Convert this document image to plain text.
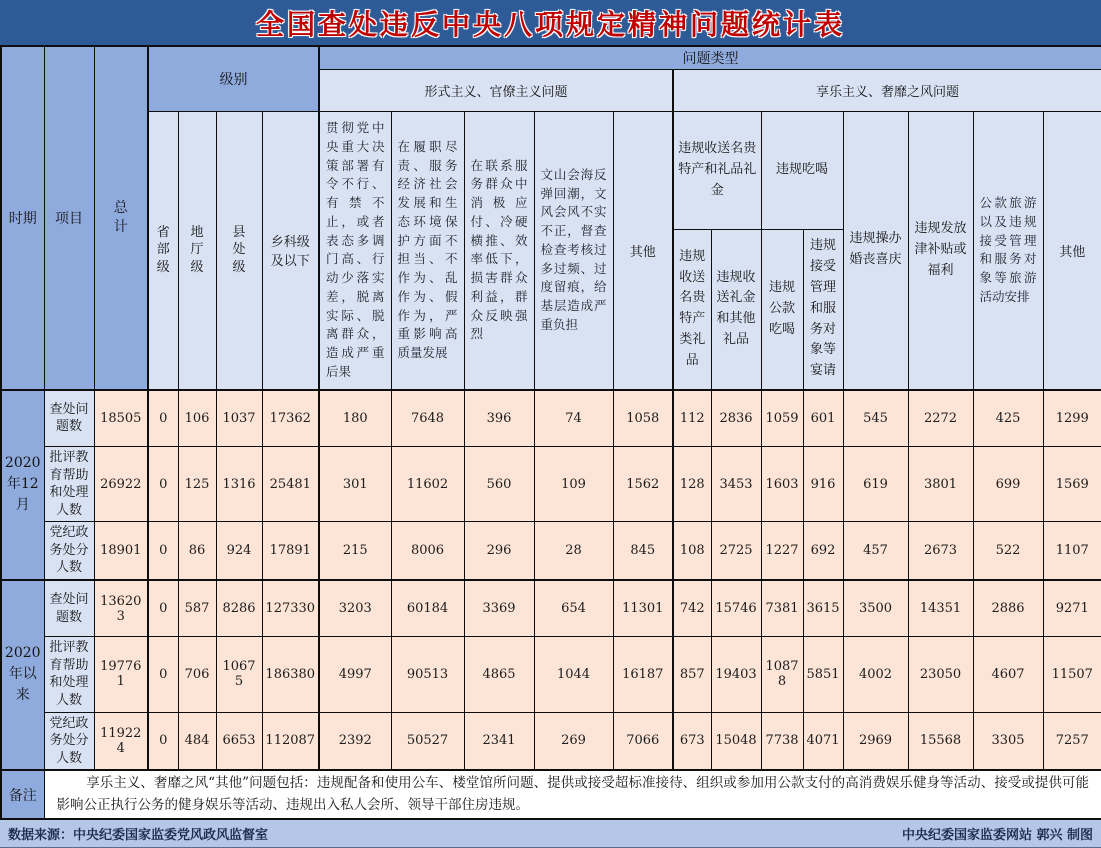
全国查处违反中央八项规定精神问题统计表
时期	项目	总计	级别				问题类型												
							形式主义、官僚主义问题					享乐主义、奢靡之风问题							
			省部级	地厅级	县处级	乡科级及以下	贯彻党中央重大决策部署有令不行、有禁不止，或者表态多调门高、行动少落实差，脱离实际、脱离群众，造成严重后果	在履职尽责、服务经济社会发展和生态环境保护方面不担当、不作为、乱作为、假作为，严重影响高质量发展	在联系服务群众中消极应付、冷硬横推、效率低下，损害群众利益，群众反映强烈	文山会海反弹回潮，文风会风不实不正，督查检查考核过多过频、过度留痕，给基层造成严重负担	其他	违规收送名贵特产和礼品礼金		违规吃喝		违规操办婚丧喜庆	违规发放津补贴或福利	公款旅游以及违规接受管理和服务对象等旅游活动安排	其他
												违规收送名贵特产类礼品	违规收送礼金和其他礼品	违规公款吃喝	违规接受管理和服务对象等宴请				
2020年12月	查处问题数	18505	0	106	1037	17362	180	7648	396	74	1058	112	2836	1059	601	545	2272	425	1299
	批评教育帮助和处理人数	26922	0	125	1316	25481	301	11602	560	109	1562	128	3453	1603	916	619	3801	699	1569
	党纪政务处分人数	18901	0	86	924	17891	215	8006	296	28	845	108	2725	1227	692	457	2673	522	1107
2020年以来	查处问题数	136203	0	587	8286	127330	3203	60184	3369	654	11301	742	15746	7381	3615	3500	14351	2886	9271
	批评教育帮助和处理人数	197761	0	706	10675	186380	4997	90513	4865	1044	16187	857	19403	10878	5851	4002	23050	4607	11507
	党纪政务处分人数	119224	0	484	6653	112087	2392	50527	2341	269	7066	673	15048	7738	4071	2969	15568	3305	7257
备注	享乐主义、奢靡之风“其他”问题包括：违规配备和使用公车、楼堂馆所问题、提供或接受超标准接待、组织或参加用公款支付的高消费娱乐健身等活动、接受或提供可能影响公正执行公务的健身娱乐等活动、违规出入私人会所、领导干部住房违规。																		
数据来源：中央纪委国家监委党风政风监督室	中央纪委国家监委网站 郭兴 制图
